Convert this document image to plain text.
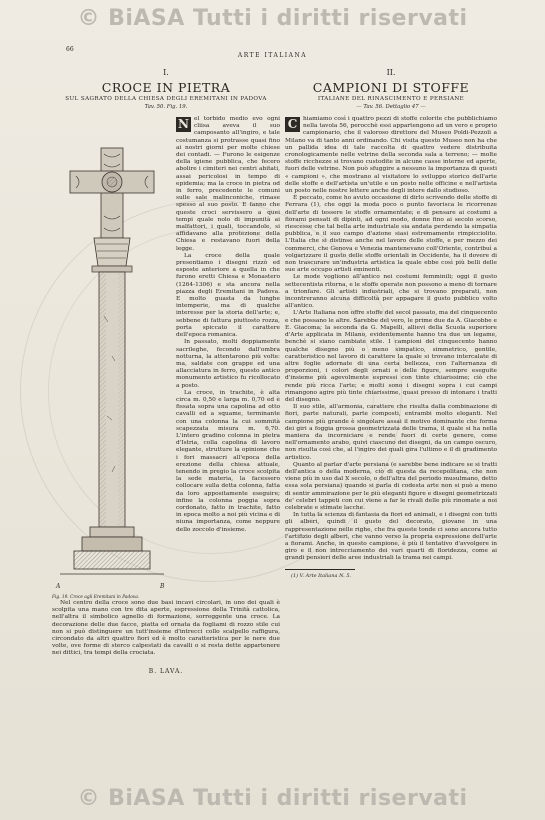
© BiASA Tutti i diritti riservati
66
ARTE ITALIANA

I.

CROCE IN PIETRA

SUL SAGRATO DELLA CHIESA DEGLI EREMITANI IN PADOVA

Tav. 50. Fig. 19.

A	B
Fig. 19. Croce agli Eremitani in Padova.
N el torbido medio evo ogni cliisa aveva il suo camposanto all'ingiro, e tale costumanza si protrasse quasi fino ai nostri giorni per molte chiese dei contadi. — Furono le esigenze della igiene pubblica, che fecero abolire i cimiteri nei centri abitati, assai pericolosi in tempo di epidemia; ma la croce in pietra od in ferro, precedente le comuni sulle sale malinconiche, rimase spesso al suo posto. E fanno che queste croci servissero a quei tempi quale nolo di impunità ai malfattori, i quali, toccandole, si affidavano alla protezione della Chiesa e restavano fuori della legge.

La croce della quale presentiamo i disegni rizzò ed esposte anteriore a quella in che furono eretti Chiesa e Monastero (1264-1306) e sta ancora nella piazza degli Eremitani in Padova. E molto guasta da lunghe intemperie, ma di qualche interesse per la storia dell'arte; e, sebbene di fattura piuttosto rozza, porta spiccato il carattere dell'epoca romanica.

In passato, molti doppiamente sacrileghe, fecondo dall'ombra notturna, la attentarono più volte: ma, saldate con grappe ed una allacciatura in ferro, questo antico monumento artistico fu ricollocato a posto.

La croce, in trachite, è alta circa m. 0,50 e larga m. 0,70 ed è fissata sopra una capolina ad otto cavalli ed a squame, terminante con una colonna la cui sommità scapezzata misura m. 6,70. L'intero gradino colonna in pietra d'Istria, colla capolina di lavoro elegante, strutture la opinione che i fori massacri all'epoca della erezione della chiesa attuale, tenendo in pregio la croce scolpita la sede materia, la facessero collocare sulla detta colonna, fatta da loro appositamente eseguire; infine la colonna poggia sopra cordonato, fatto in trachite, fatto in epoca molto a noi più vicina e di niuna importanza, come neppure dello zoccolo d'insieme.

Nel centro della croce sono due basi incavi circolari, in uno dei quali è scolpita una mano con tre dita aperte, espressione della Trinità cattolica, nell'altra il simbolico agnello di formazione, sorreggente una croce. La decorazione delle due facce, piatta ed ornata da fogliami di rozzo stile cui non si può distinguere un tutt'insieme d'intrecci collo scalpello raffigura, circondato da altri quattro fiori ed è molto caratteristica per le nere due volte, ove forme di sterco calpestati da cavalli o si resta dette appartenere nei dittici, tra tempi della crociata.

B. LAVA.

II.

CAMPIONI DI STOFFE

ITALIANE DEL RINASCIMENTO E PERSIANE

— Tav. 56. Dettaglio 47 —

C hiamiamo così i quattro pezzi di stoffe colorite che pubblichiamo nella tavola 56, perocchè essi appartengono ad un vero e proprio campionario, che il valoroso direttore del Museo Poldi-Pezzoli a Milano va di tanto anni ordinando. Chi visita questo Museo non ha che un pallida idea di tale raccolta di quattro vedere distribuita cronologicamente nelle vetrine della seconda sala a terreno; — molte stoffe ricchezze si trovano custodite in alcune casse interne ed aperte, fuori delle vetrine. Non può sfuggire a nessuno la importanza di questi « campioni », che mostrano al visitatore lo sviluppo storico dell'arte delle stoffe e dell'artista un'utile e un posto nelle officine e nell'artista un posto nelle nostre lettere anche degli intere dallo studioso.

È peccato, come ho avuto occasione di dirlo scrivendo delle stoffe di Ferrara (1), che oggi la moda poco o punto favorisca le ricorrenze dell'arte di tessere le stoffe ornamentate; e di pensare ai costumi a fiorami pensati di dipinti, ad ogni modo, donne fino ai secolo scorso, riescesse che tal bella arte industriale sia andata perdendo la simpatia pubblica, e il suo campo d'azione siasi estremamente rimpicciolito. L'Italia che si distinse anche nel lavoro delle stoffe, e per mezzo dei commerci, che Genova e Venezia mantenevano coll'Oriente, contribuì a volgarizzare il gusto delle stoffe orientali in Occidente, ha il dovere di non trascurare un'industria artistica la quale ebbe così più belli delle sue arte occupo artisti eminenti.

Le mode vogliono all'antico nei costumi femminili; oggi il gusto settecentista ritorna, e le stoffe operate non possono a meno di tornare a trionfare. Gli artisti industriali, che si trovano preparati, non incontreranno alcuna difficoltà per appagare il gusto pubblico volto all'antico.

L'Arte Italiana non offre stoffe del secol passato, ma del cinquecento e che possano le altre. Sarebbe del vero, le prime due da A. Giacobbe e E. Giacoma; la seconda da G. Mapelli, allievi della Scuola superiore d'Arte applicata in Milano, evidentemente hanno tra due un legame, benchè si siano cambiate stile. I campioni del cinquecento hanno qualche disegno più o meno simpatico, simmetrico, gentile, caratteristico nel lavoro di carattere la quale si trovano intercalate di altre foglie adornate di una certa bellezza, con l'alternanza di proporzioni, i colori degli ornati e delle figure, sempre eseguite d'insieme più agevolmente espressi con tinte chiarissime; ciò che rende più ricca l'arte; e molti sono i disegni sopra i cui campi rimangono agire più tinte chiarissime, quasi presso di intonare i tratti del disegno.

Il suo stile, all'armonia, carattere che risulta dalla combinazione di fiori, parte naturali, parte composti, entrambi molto eleganti. Nel campione più grande è singolare assai il motivo dominante che forma dei giri a foggia grossa geometrizzata delle trama, il quale si ha nella maniera da incorniciare e rende fuori di certe genere, come nell'ornamento arabo, quivi ciascuno dei disegni, da un campo oscuro, non risulta così che, al l'ingiro dei quali gira l'ultimo e il di gradimento artistico.

Quanto al parlar d'arte persiana (e sarebbe bene indicare se si tratti dell'antica o della moderna, ciò di questa da recepolitana, che non viene più in uso dal X secolo, o dell'altra del periodo musulmano, detto essa sola persiana) quando si parla di codesta arte non si può a meno di sentir ammirazione per le più eleganti figure e disegni geometrizzati de' celebri tappeti con cui viene a far le rivali delle più rinomate a noi celebrate e stimate lacche.

In tutta la scienza di fantasia da fiori ed animali, e i disegni con tutti gli alberi, quindi il gusto del decorato, giovane in una rappresentazione nelle righe, che fra queste tonde ci sono ancora tutto l'artifizio degli alberi, che vanno verso la propria espressione dell'arte a fiorami. Anche, in questo campione, è più il tentativo d'avvolgere in giro e il non intrecciamento dei vari quarti di floridezza, come ai grandi pensieri delle aree industriali la trama nei campi.

(1) V. Arte Italiana N. 5.
© BiASA Tutti i diritti riservati
